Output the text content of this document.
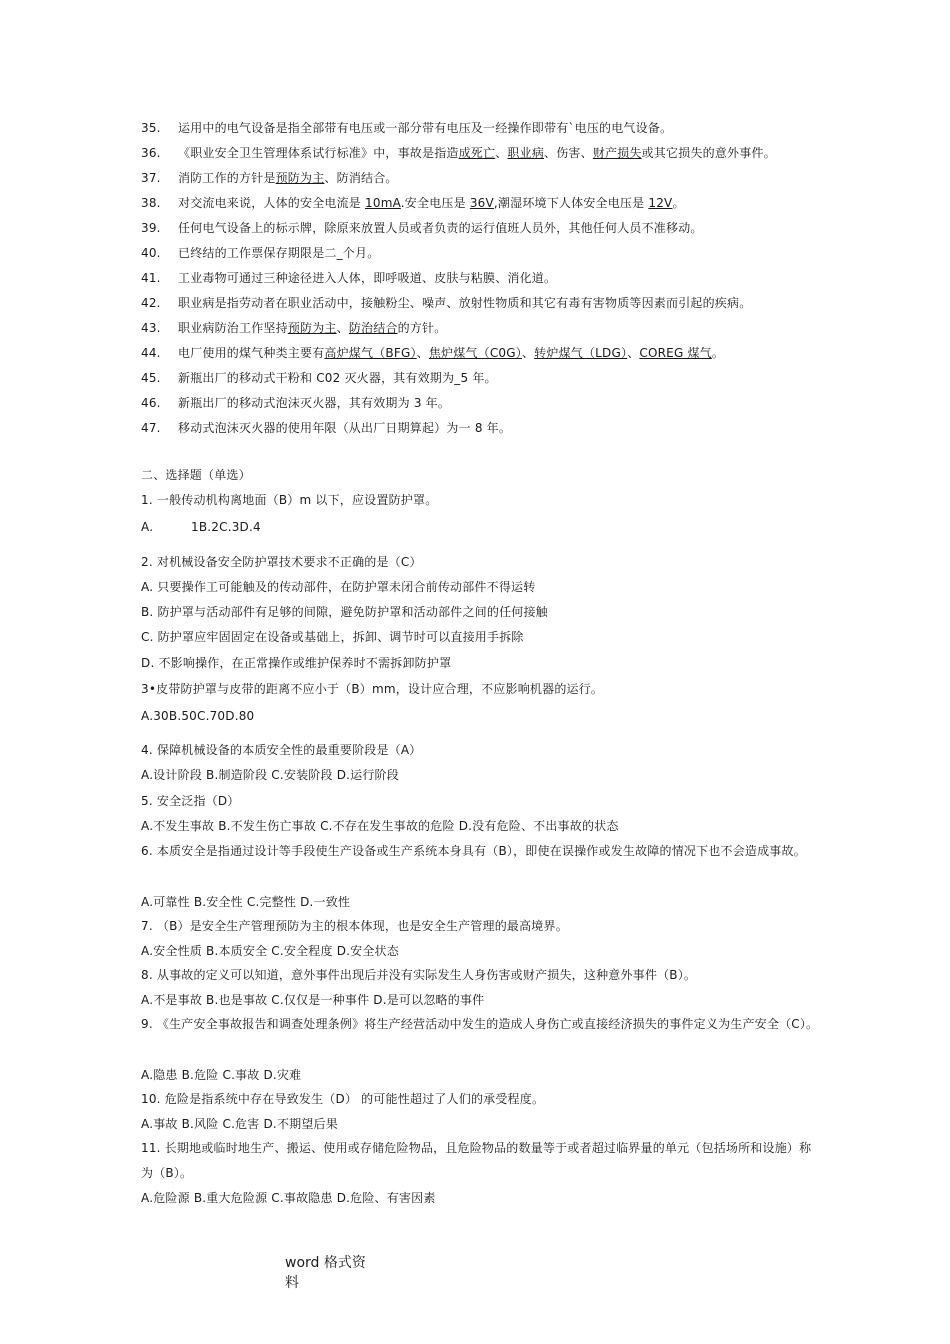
35. 运用中的电气设备是指全部带有电压或一部分带有电压及一经操作即带有`电压的电气设备。
36. 《职业安全卫生管理体系试行标准》中，事故是指造成死亡、职业病、伤害、财产损失或其它损失的意外事件。
37. 消防工作的方针是预防为主、防消结合。
38. 对交流电来说，人体的安全电流是 10mA.安全电压是 36V,潮湿环境下人体安全电压是 12V。
39. 任何电气设备上的标示牌，除原来放置人员或者负责的运行值班人员外，其他任何人员不准移动。
40. 已终结的工作票保存期限是二_个月。
41. 工业毒物可通过三种途径进入人体，即呼吸道、皮肤与粘膜、消化道。
42. 职业病是指劳动者在职业活动中，接触粉尘、噪声、放射性物质和其它有毒有害物质等因素而引起的疾病。
43. 职业病防治工作坚持预防为主、防治结合的方针。
44. 电厂使用的煤气种类主要有高炉煤气（BFG）、焦炉煤气（C0G）、转炉煤气（LDG）、COREG 煤气。
45. 新瓶出厂的移动式干粉和 C02 灭火器，其有效期为_5 年。
46. 新瓶出厂的移动式泡沫灭火器，其有效期为 3 年。
47. 移动式泡沫灭火器的使用年限（从出厂日期算起）为一 8 年。
二、选择题（单选）
1. 一般传动机构离地面（B）m 以下，应设置防护罩。
A.	1B.2C.3D.4
2. 对机械设备安全防护罩技术要求不正确的是（C）
A. 只要操作工可能触及的传动部件，在防护罩未闭合前传动部件不得运转
B. 防护罩与活动部件有足够的间隙，避免防护罩和活动部件之间的任何接触
C. 防护罩应牢固固定在设备或基础上，拆卸、调节时可以直接用手拆除
D. 不影响操作，在正常操作或维护保养时不需拆卸防护罩
3•皮带防护罩与皮带的距离不应小于（B）mm，设计应合理，不应影响机器的运行。
A.30B.50C.70D.80
4. 保障机械设备的本质安全性的最重要阶段是（A）
A.设计阶段 B.制造阶段 C.安装阶段 D.运行阶段
5. 安全泛指（D）
A.不发生事故 B.不发生伤亡事故 C.不存在发生事故的危险 D.没有危险、不出事故的状态
6. 本质安全是指通过设计等手段使生产设备或生产系统本身具有（B），即使在误操作或发生故障的情况下也不会造成事故。
A.可靠性 B.安全性 C.完整性 D.一致性
7. （B）是安全生产管理预防为主的根本体现，也是安全生产管理的最高境界。
A.安全性质 B.本质安全 C.安全程度 D.安全状态
8. 从事故的定义可以知道，意外事件出现后并没有实际发生人身伤害或财产损失，这种意外事件（B）。
A.不是事故 B.也是事故 C.仅仅是一种事件 D.是可以忽略的事件
9. 《生产安全事故报告和调查处理条例》将生产经营活动中发生的造成人身伤亡或直接经济损失的事件定义为生产安全（C）。
A.隐患 B.危险 C.事故 D.灾难
10. 危险是指系统中存在导致发生（D） 的可能性超过了人们的承受程度。
A.事故 B.风险 C.危害 D.不期望后果
11. 长期地或临时地生产、搬运、使用或存储危险物品，且危险物品的数量等于或者超过临界量的单元（包括场所和设施）称为（B）。
A.危险源 B.重大危险源 C.事故隐患 D.危险、有害因素
word 格式资料
